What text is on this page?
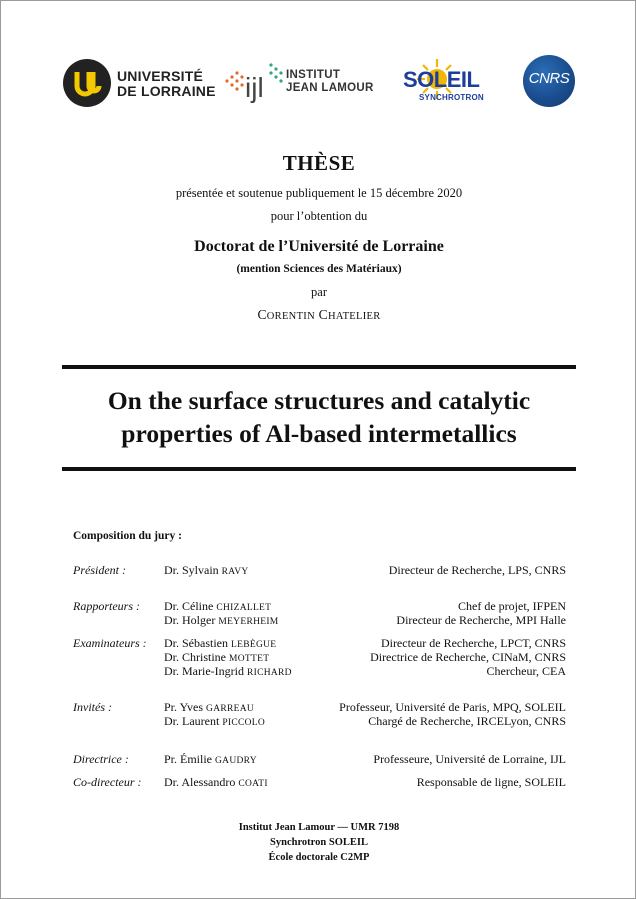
UNIVERSITÉ
DE LORRAINE ijl INSTITUT
JEAN LAMOUR SOLEIL
SYNCHROTRON
CNRS
THÈSE
présentée et soutenue publiquement le 15 décembre 2020
pour l’obtention du
Doctorat de l’Université de Lorraine
(mention Sciences des Matériaux)
par
CORENTIN CHATELIER
On the surface structures and catalytic
properties of Al-based intermetallics
Composition du jury :
Président :	Dr. Sylvain RAVY	Directeur de Recherche, LPS, CNRS
Rapporteurs : Dr. Céline CHIZALLET	Chef de projet, IFPEN
Dr. Holger MEYERHEIM	Directeur de Recherche, MPI Halle
Examinateurs : Dr. Sébastien LEBÈGUE	Directeur de Recherche, LPCT, CNRS
Dr. Christine MOTTET	Directrice de Recherche, CINaM, CNRS
Dr. Marie-Ingrid RICHARD	Chercheur, CEA
Invités :	Pr. Yves GARREAU	Professeur, Université de Paris, MPQ, SOLEIL
Dr. Laurent PICCOLO	Chargé de Recherche, IRCELyon, CNRS
Directrice :	Pr. Émilie GAUDRY	Professeure, Université de Lorraine, IJL
Co-directeur : Dr. Alessandro COATI	Responsable de ligne, SOLEIL
Institut Jean Lamour — UMR 7198
Synchrotron SOLEIL
École doctorale C2MP
